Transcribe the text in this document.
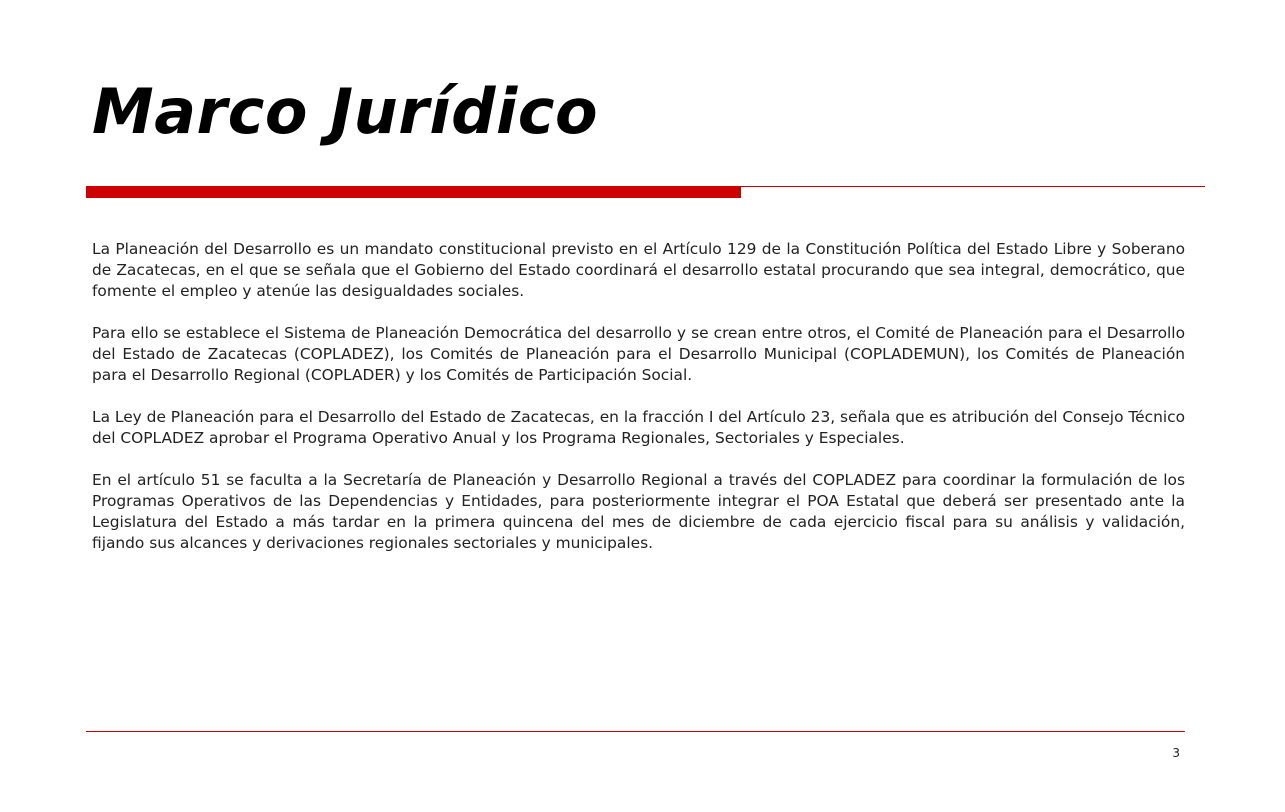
Marco Jurídico

La Planeación del Desarrollo es un mandato constitucional previsto en el Artículo 129 de la Constitución Política del Estado Libre y Soberano de Zacatecas, en el que se señala que el Gobierno del Estado coordinará el desarrollo estatal procurando que sea integral, democrático, que fomente el empleo y atenúe las desigualdades sociales.

Para ello se establece el Sistema de Planeación Democrática del desarrollo y se crean entre otros, el Comité de Planeación para el Desarrollo del Estado de Zacatecas (COPLADEZ), los Comités de Planeación para el Desarrollo Municipal (COPLADEMUN), los Comités de Planeación para el Desarrollo Regional (COPLADER) y los Comités de Participación Social.

La Ley de Planeación para el Desarrollo del Estado de Zacatecas, en la fracción I del Artículo 23, señala que es atribución del Consejo Técnico del COPLADEZ aprobar el Programa Operativo Anual y los Programa Regionales, Sectoriales y Especiales.

En el artículo 51 se faculta a la Secretaría de Planeación y Desarrollo Regional a través del COPLADEZ para coordinar la formulación de los Programas Operativos de las Dependencias y Entidades, para posteriormente integrar el POA Estatal que deberá ser presentado ante la Legislatura del Estado a más tardar en la primera quincena del mes de diciembre de cada ejercicio fiscal para su análisis y validación, fijando sus alcances y derivaciones regionales sectoriales y municipales.

3
